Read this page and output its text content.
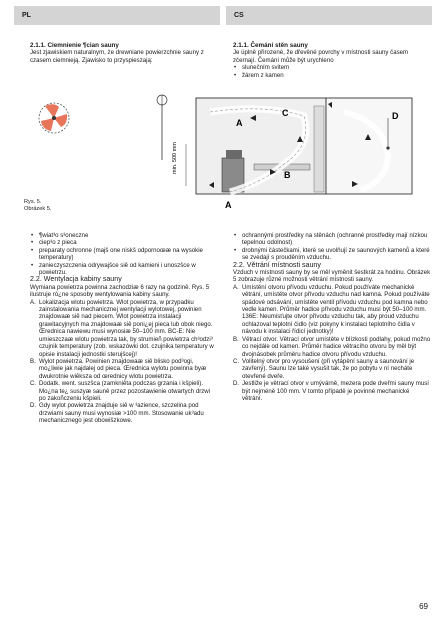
PL	CS

2.1.1. Ciemnienie ¶cian sauny

Jest zjawiskiem naturalnym, że drewniane powierzchnie sauny z czasem ciemnieją. Zjawisko to przyspieszają:

2.1.1. Čemání stěn sauny

Je úplně přirozené, že dřevěné povrchy v místnosti sauny časem zčernají. Čemání může být urychleno

• slunečním svitem
• žárem z kamen
min. 500 mm
A
A
B
C	D
Rys. 5.
Obrázek 5.
• ¶wiat³o s³oneczne
• ciep³o z pieca
• preparaty ochronne (majš one niskš odpornoœæ na wysokie temperatury)
• zanieczyszczenia odrywajšce siê od kamieni i unoszšce w powietrzu.

2.2. Wentylacja kabiny sauny

Wymiana powietrza powinna zachodziæ 6 razy na godzinê. Rys. 5 ilustruje ró¿ne sposoby wentylowania kabiny sauny.

A. Lokalizacja wlotu powietrza. Wlot powietrza, w przypadku zainstalowania mechanicznej wentylacji wylotowej, powinien znajdowaæ siê nad piecem. Wlot powietrza instalacji grawitacyjnych ma znajdowaæ siê poni¿ej pieca lub obok niego. Œrednica nawiewu musi wynosiæ 50–100 mm. BC-E: Nie umieszczaæ wlotu powietrza tak, by strumieñ powietrza ch³odzi³ czujnik temperatury (zob. wskazówki dot. czujnika temperatury w opisie instalacji jednostki sterujšcej)!
B. Wylot powietrza. Powinien znajdowaæ siê blisko pod³ogi, mo¿liwie jak najdalej od pieca. Œrednica wylotu powinna byæ dwukrotnie wiêksza od œrednicy wlotu powietrza.
C. Dodatk. went. suszšca (zamkniêta podczas grzania i kšpieli). Mo¿na te¿ suszyæ saunê przez pozostawienie otwartych drzwi po zakoñczeniu kšpieli.
D. Gdy wylot powietrza znajduje siê w ³azience, szczelina pod drzwiami sauny musi wynosiæ >100 mm. Stosowanie uk³adu mechanicznego jest obowišzkowe.
• ochrannými prostředky na stěnách (ochranné prostředky mají nízkou tepelnou odolnost)
• drobnými částečkami, které se uvolňují ze saunových kamenů a které se zvedají s prouděním vzduchu.

2.2. Větrání místnosti sauny

Vzduch v místnosti sauny by se měl vyměnit šestkrát za hodinu. Obrázek 5 zobrazuje různé možnosti větrání místnosti sauny.

A. Umístění otvoru přívodu vzduchu. Pokud používáte mechanické větrání, umístěte otvor přívodu vzduchu nad kamna. Pokud používáte spádové odsávání, umístěte ventil přívodu vzduchu pod kamna nebo vedle kamen. Průměr hadice přívodu vzduchu musí být 50–100 mm. 136E: Neumisťujte otvor přívodu vzduchu tak, aby proud vzduchu ochlazoval teplotní čidlo (viz pokyny k instalaci teplotního čidla v návodu k instalaci řídicí jednotky)!
B. Větrací otvor. Větrací otvor umístěte v blízkosti podlahy, pokud možno co nejdále od kamen. Průměr hadice větracího otvoru by měl být dvojnásobek průměru hadice otvoru přívodu vzduchu.
C. Volitelný otvor pro vysoušení (při vytápění sauny a saunování je zavřený). Saunu lze také vysušit tak, že po pobytu v ní necháte otevřené dveře.
D. Jestliže je větrací otvor v umývárně, mezera pode dveřmi sauny musí být nejméně 100 mm. V tomto případě je povinné mechanické větrání.
69
